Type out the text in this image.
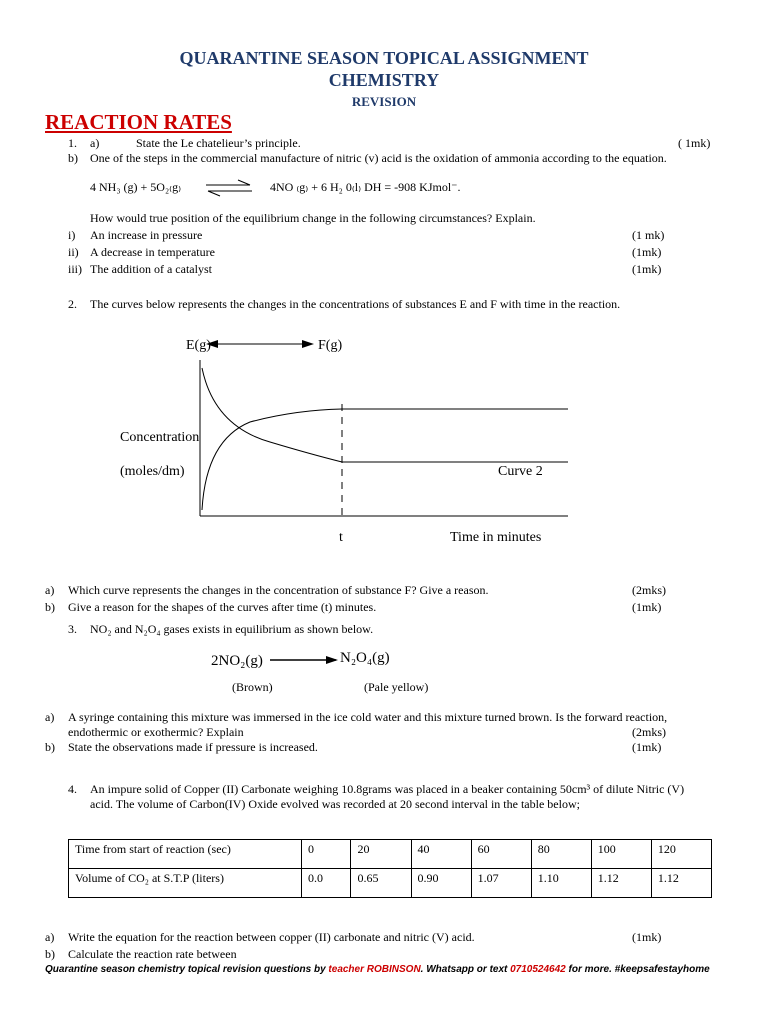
QUARANTINE SEASON TOPICAL ASSIGNMENT
CHEMISTRY
REVISION
REACTION RATES
1. a)	State the Le chatelieur’s principle.	( 1mk)
b) One of the steps in the commercial manufacture of nitric (v) acid is the oxidation of ammonia according to the equation.
4 NH₃ (g) + 5O₂₍g₎ ⇌ 4NO ₍g₎ + 6 H₂ 0₍l₎ DH = -908 KJmol⁻.
How would true position of the equilibrium change in the following circumstances? Explain.
i) An increase in pressure	(1 mk)
ii) A decrease in temperature	(1mk)
iii) The addition of a catalyst	(1mk)
2. The curves below represents the changes in the concentrations of substances E and F with time in the reaction.
E(g)	F(g)
Concentration
(moles/dm)	Curve 2
t	Time in minutes
a) Which curve represents the changes in the concentration of substance F? Give a reason.	(2mks)
b) Give a reason for the shapes of the curves after time (t) minutes.	(1mk)
3. NO₂ and N₂O₄ gases exists in equilibrium as shown below.
2NO₂(g)	N₂O₄(g)
(Brown)	(Pale yellow)
a) A syringe containing this mixture was immersed in the ice cold water and this mixture turned brown. Is the forward reaction,
endothermic or exothermic? Explain	(2mks)
b) State the observations made if pressure is increased.	(1mk)
4. An impure solid of Copper (II) Carbonate weighing 10.8grams was placed in a beaker containing 50cm³ of dilute Nitric (V)
acid. The volume of Carbon(IV) Oxide evolved was recorded at 20 second interval in the table below;
Time from start of reaction (sec)	0	20	40	60	80	100	120
Volume of CO₂ at S.T.P (liters)	0.0	0.65	0.90	1.07	1.10	1.12	1.12
a) Write the equation for the reaction between copper (II) carbonate and nitric (V) acid.	(1mk)
b) Calculate the reaction rate between
Quarantine season chemistry topical revision questions by teacher ROBINSON. Whatsapp or text 0710524642 for more. #keepsafestayhome
